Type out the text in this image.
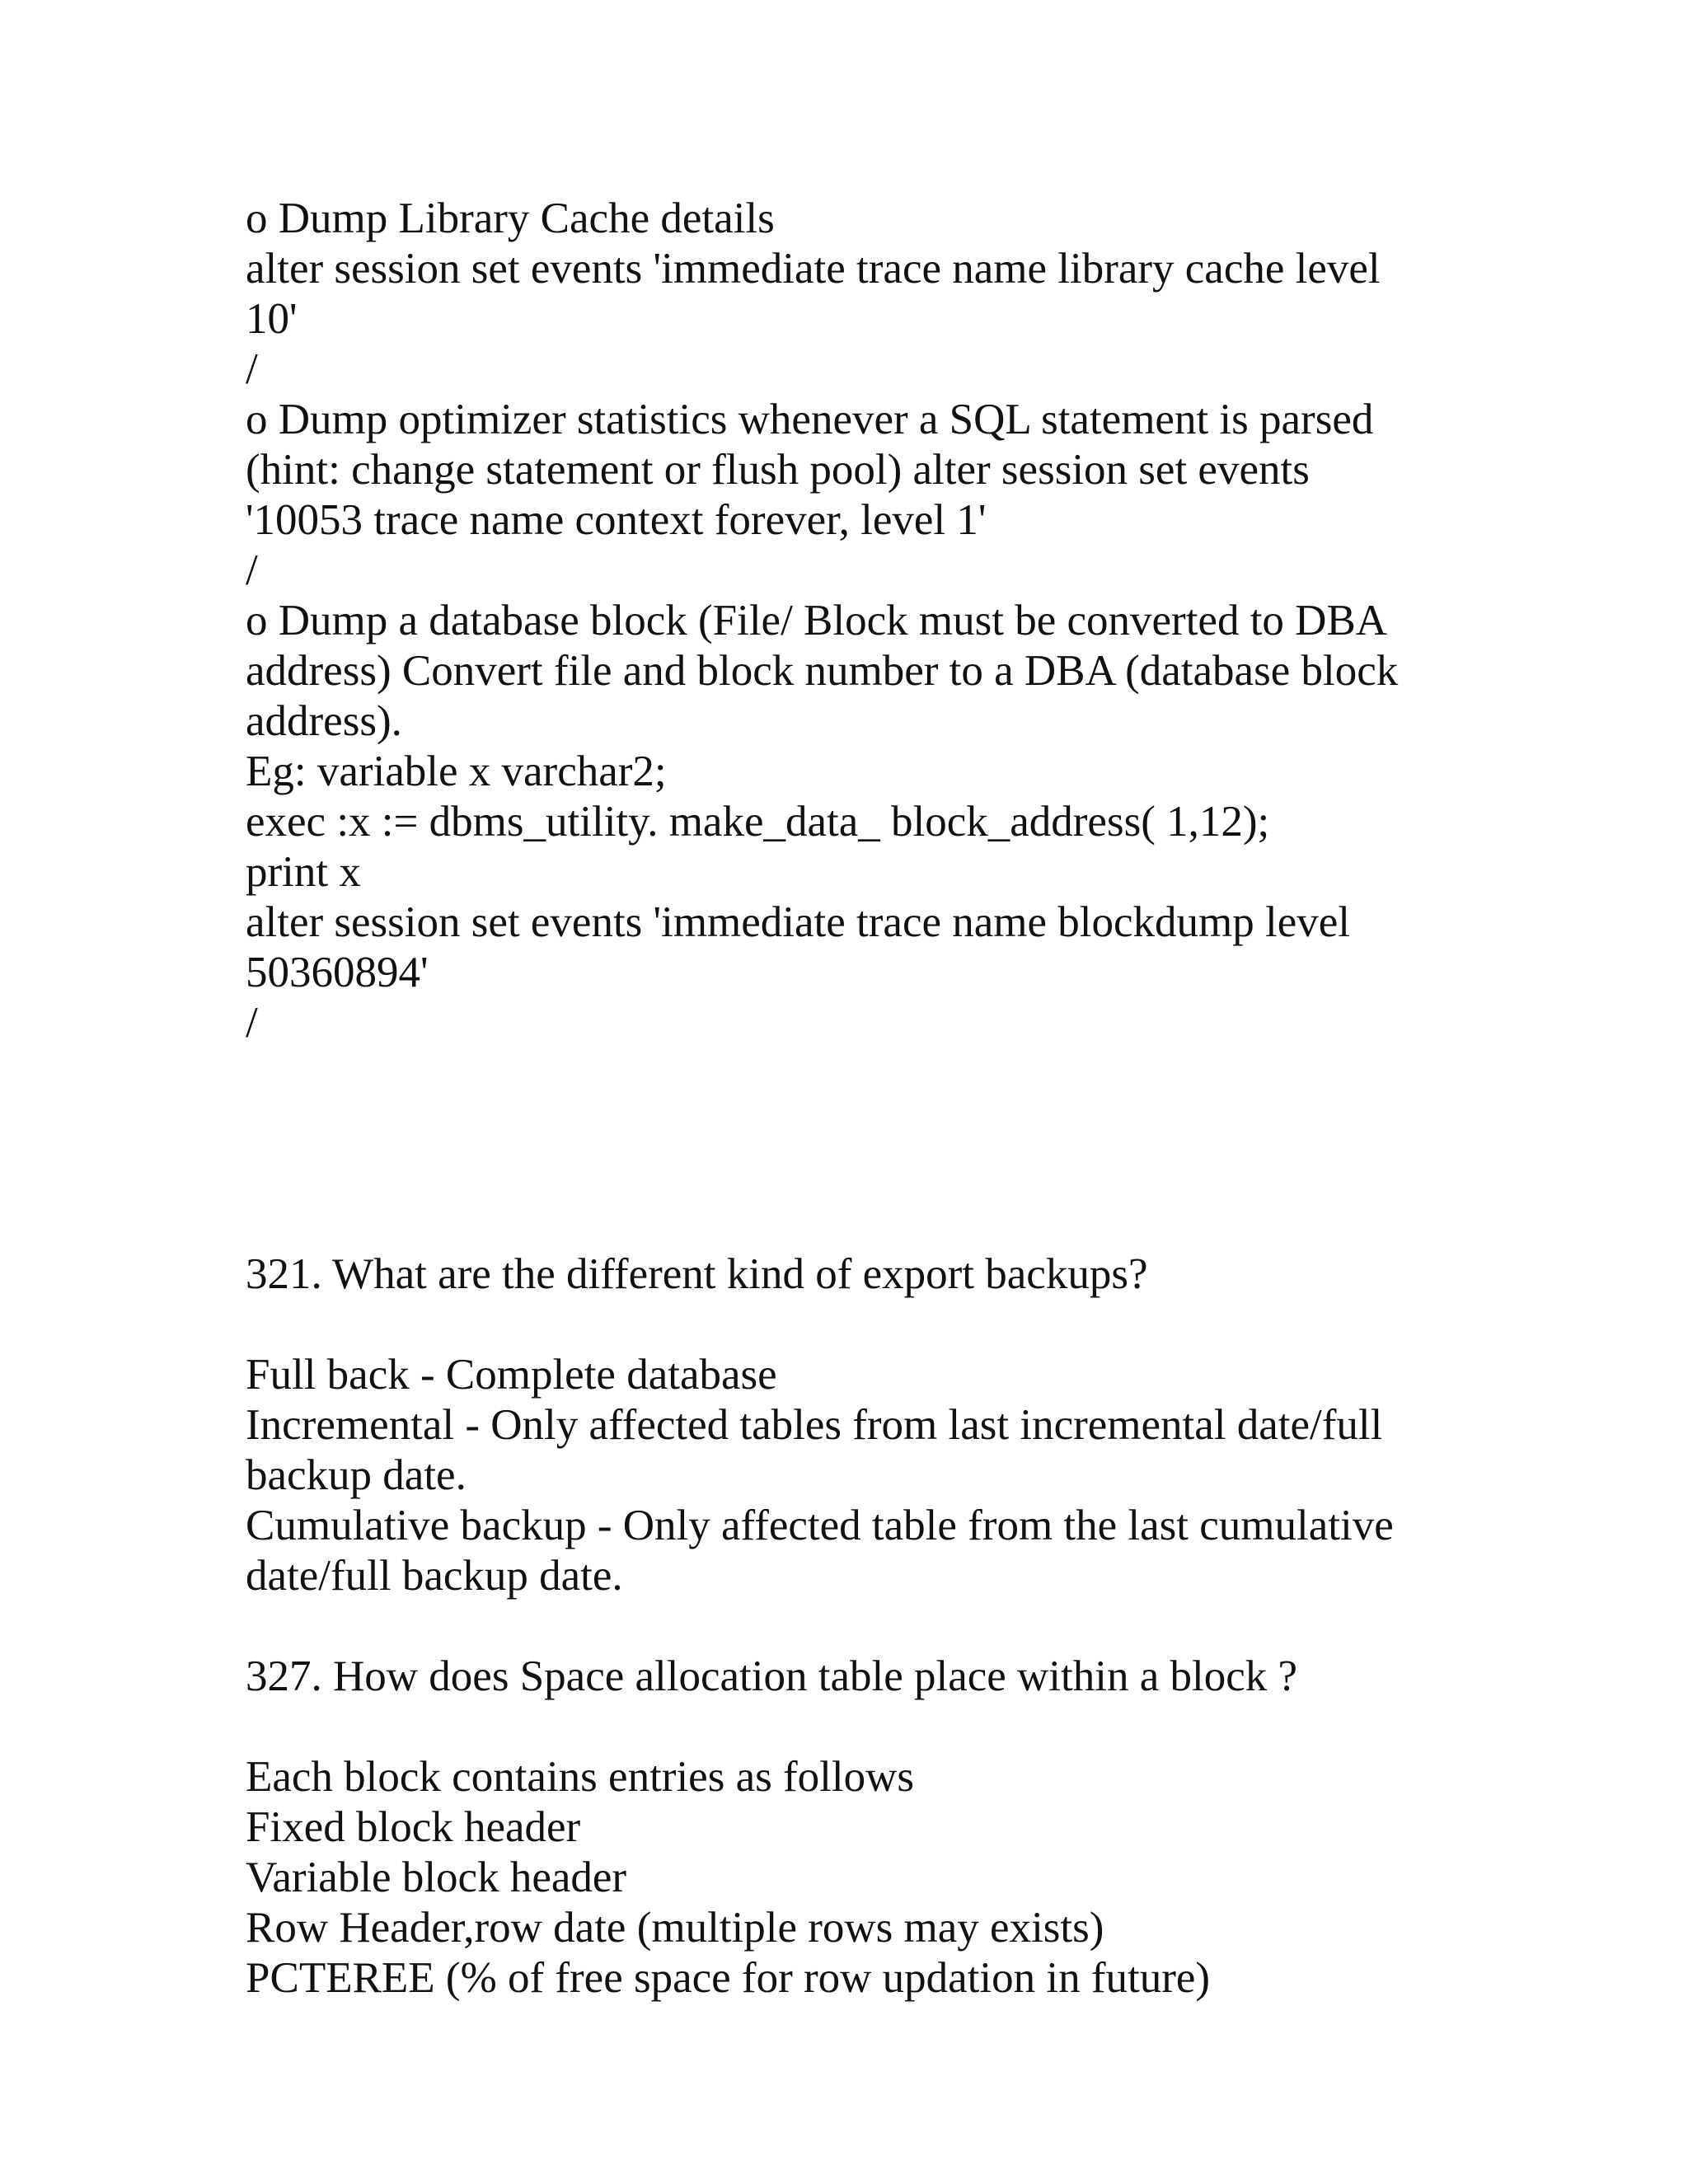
o Dump Library Cache details
alter session set events 'immediate trace name library cache level
10'
/
o Dump optimizer statistics whenever a SQL statement is parsed
(hint: change statement or flush pool) alter session set events
'10053 trace name context forever, level 1'
/
o Dump a database block (File/ Block must be converted to DBA
address) Convert file and block number to a DBA (database block
address).
Eg: variable x varchar2;
exec :x := dbms_utility. make_data_ block_address( 1,12);
print x
alter session set events 'immediate trace name blockdump level
50360894'
/
321. What are the different kind of export backups?
Full back - Complete database
Incremental - Only affected tables from last incremental date/full
backup date.
Cumulative backup - Only affected table from the last cumulative
date/full backup date.
327. How does Space allocation table place within a block ?
Each block contains entries as follows
Fixed block header
Variable block header
Row Header,row date (multiple rows may exists)
PCTEREE (% of free space for row updation in future)
